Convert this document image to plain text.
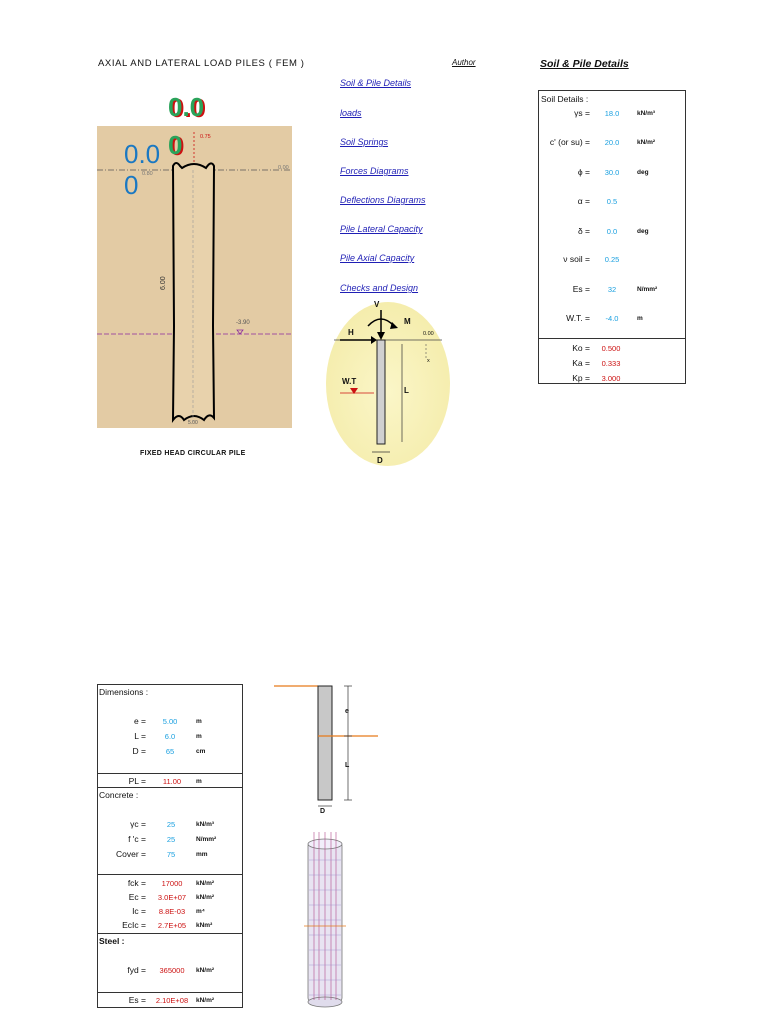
AXIAL AND LATERAL LOAD PILES ( FEM )	Author	Soil & Pile Details
Soil & Pile Details
loads
Soil Springs
Forces Diagrams
Deflections Diagrams
Pile Lateral Capacity
Pile Axial Capacity
Checks and Design
0.75
0.80
0.00
-3.90
6.00
5.00
0.0
0
0.0
0
FIXED HEAD CIRCULAR PILE
V
H
M
W.T
L
D
0.00
x
Soil Details :
γs =	18.0	kN/m³
c' (or su) =	20.0	kN/m²
ϕ =	30.0	deg
α =	0.5
δ =	0.0	deg
ν soil =	0.25
Es =	32	N/mm²
W.T. =	-4.0	m
Ko =	0.500
Ka =	0.333
Kp =	3.000
Dimensions :
e =	5.00	m
L =	6.0	m
D =	65	cm
PL =	11.00	m
Concrete :
γc =	25	kN/m³
f 'c =	25	N/mm²
Cover =	75	mm
fck =	17000	kN/m²
Ec =	3.0E+07	kN/m²
Ic =	8.8E-03	m⁴
EcIc =	2.7E+05	kNm²
Steel :
fyd =	365000	kN/m²
Es =	2.10E+08	kN/m²
e
L
D
